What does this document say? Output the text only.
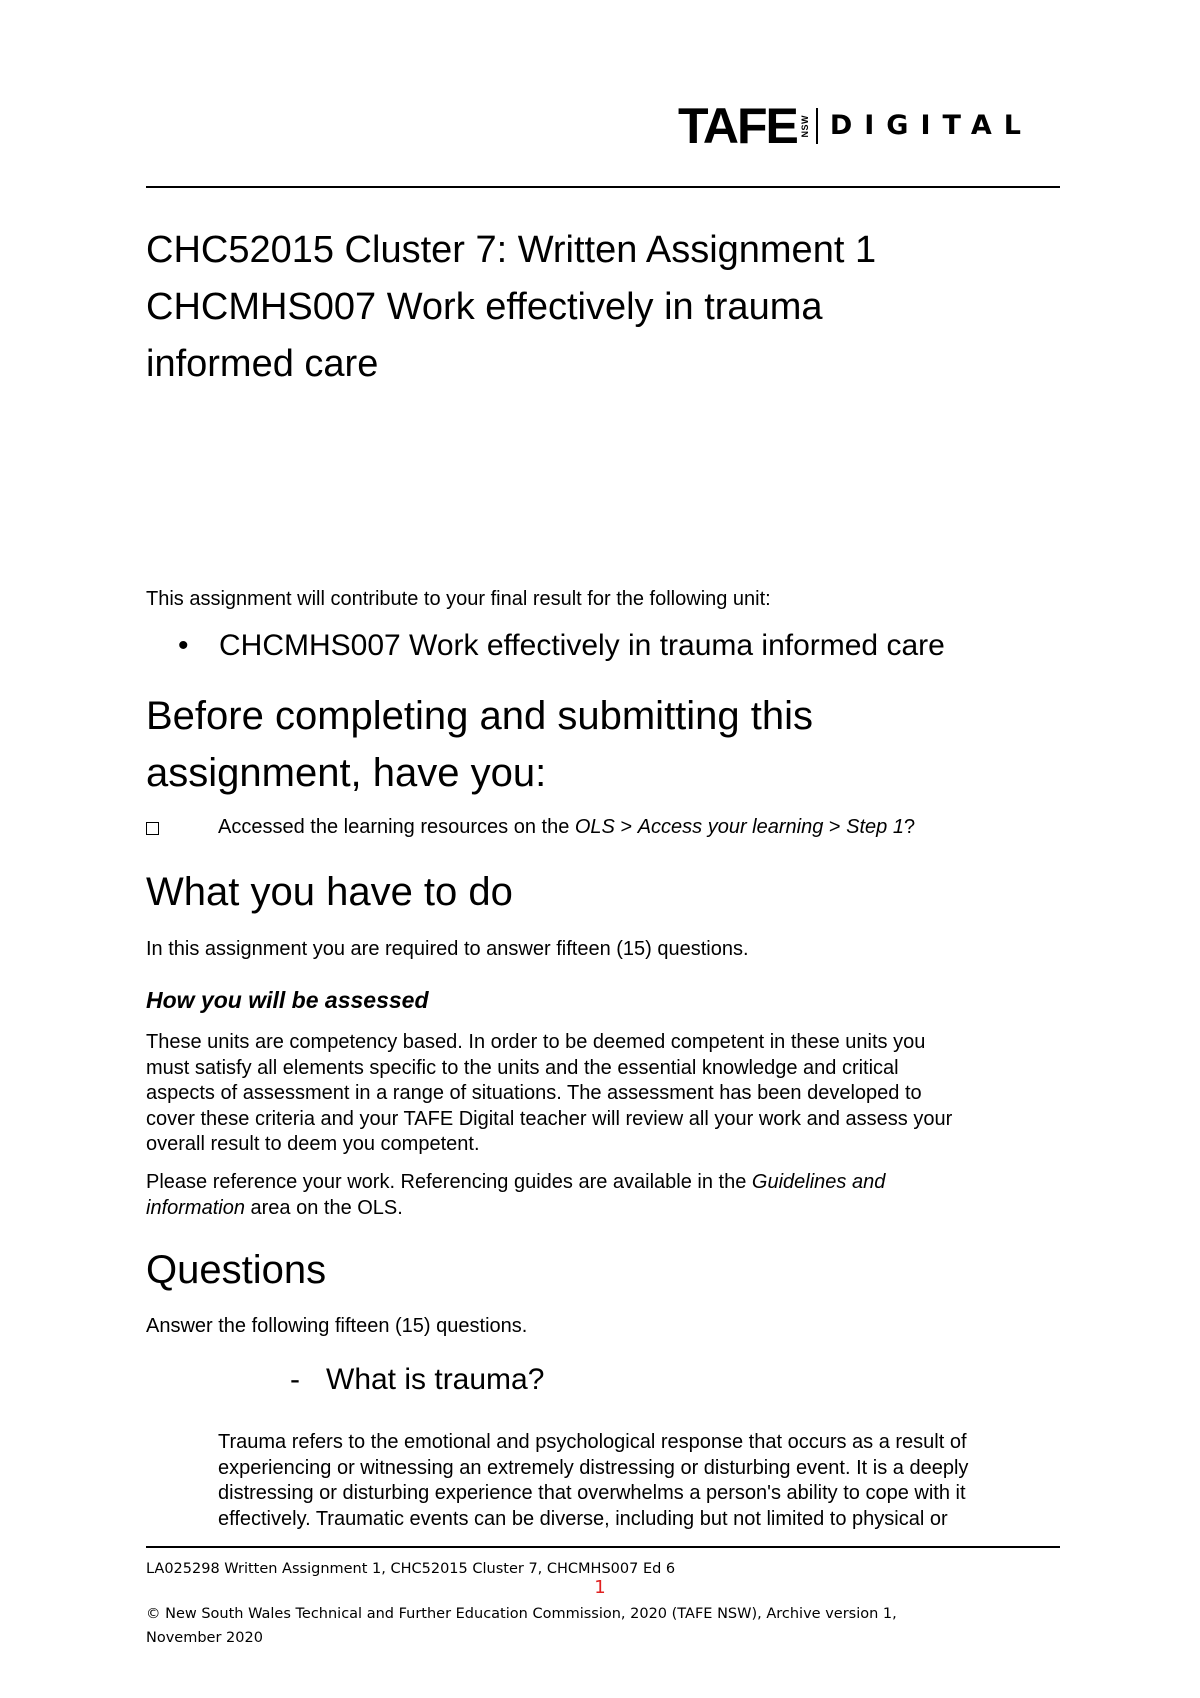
TAFE NSW DIGITAL
CHC52015 Cluster 7: Written Assignment 1
CHCMHS007 Work effectively in trauma
informed care
This assignment will contribute to your final result for the following unit:
•	CHCMHS007 Work effectively in trauma informed care
Before completing and submitting this
assignment, have you:
Accessed the learning resources on the OLS > Access your learning > Step 1?
What you have to do
In this assignment you are required to answer fifteen (15) questions.
How you will be assessed
These units are competency based. In order to be deemed competent in these units you
must satisfy all elements specific to the units and the essential knowledge and critical
aspects of assessment in a range of situations. The assessment has been developed to
cover these criteria and your TAFE Digital teacher will review all your work and assess your
overall result to deem you competent.
Please reference your work. Referencing guides are available in the Guidelines and
information area on the OLS.
Questions
Answer the following fifteen (15) questions.
- What is trauma?
Trauma refers to the emotional and psychological response that occurs as a result of
experiencing or witnessing an extremely distressing or disturbing event. It is a deeply
distressing or disturbing experience that overwhelms a person's ability to cope with it
effectively. Traumatic events can be diverse, including but not limited to physical or
LA025298 Written Assignment 1, CHC52015 Cluster 7, CHCMHS007 Ed 6
1
© New South Wales Technical and Further Education Commission, 2020 (TAFE NSW), Archive version 1,
November 2020
